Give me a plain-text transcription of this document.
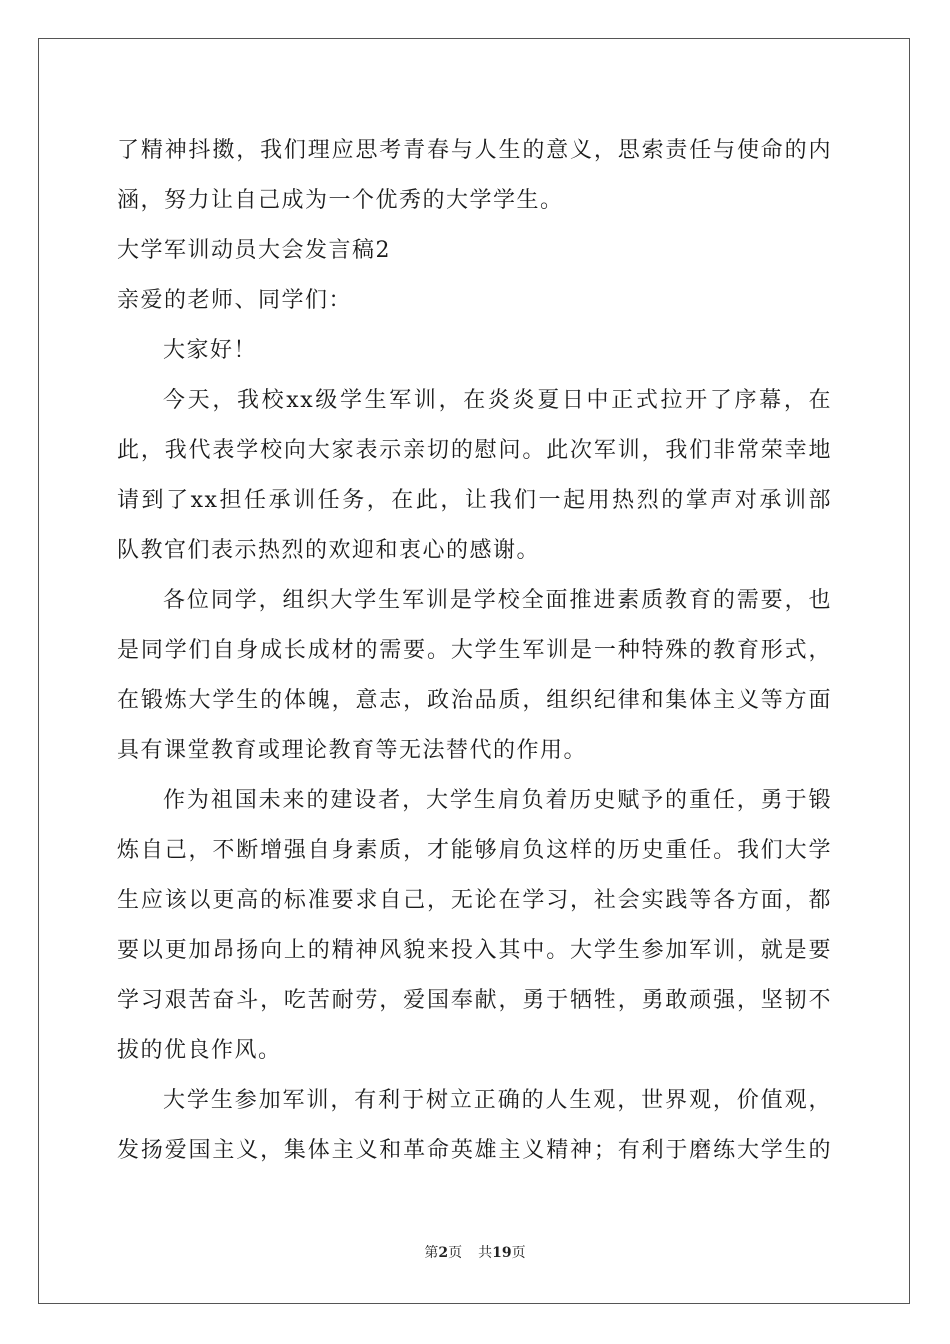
了精神抖擞，我们理应思考青春与人生的意义，思索责任与使命的内
涵，努力让自己成为一个优秀的大学学生。
大学军训动员大会发言稿2
亲爱的老师、同学们：
大家好！
今天，我校xx级学生军训，在炎炎夏日中正式拉开了序幕，在
此，我代表学校向大家表示亲切的慰问。此次军训，我们非常荣幸地
请到了xx担任承训任务，在此，让我们一起用热烈的掌声对承训部
队教官们表示热烈的欢迎和衷心的感谢。
各位同学，组织大学生军训是学校全面推进素质教育的需要，也
是同学们自身成长成材的需要。大学生军训是一种特殊的教育形式，
在锻炼大学生的体魄，意志，政治品质，组织纪律和集体主义等方面
具有课堂教育或理论教育等无法替代的作用。
作为祖国未来的建设者，大学生肩负着历史赋予的重任，勇于锻
炼自己，不断增强自身素质，才能够肩负这样的历史重任。我们大学
生应该以更高的标准要求自己，无论在学习，社会实践等各方面，都
要以更加昂扬向上的精神风貌来投入其中。大学生参加军训，就是要
学习艰苦奋斗，吃苦耐劳，爱国奉献，勇于牺牲，勇敢顽强，坚韧不
拔的优良作风。
大学生参加军训，有利于树立正确的人生观，世界观，价值观，
发扬爱国主义，集体主义和革命英雄主义精神；有利于磨练大学生的
第2页 共19页
